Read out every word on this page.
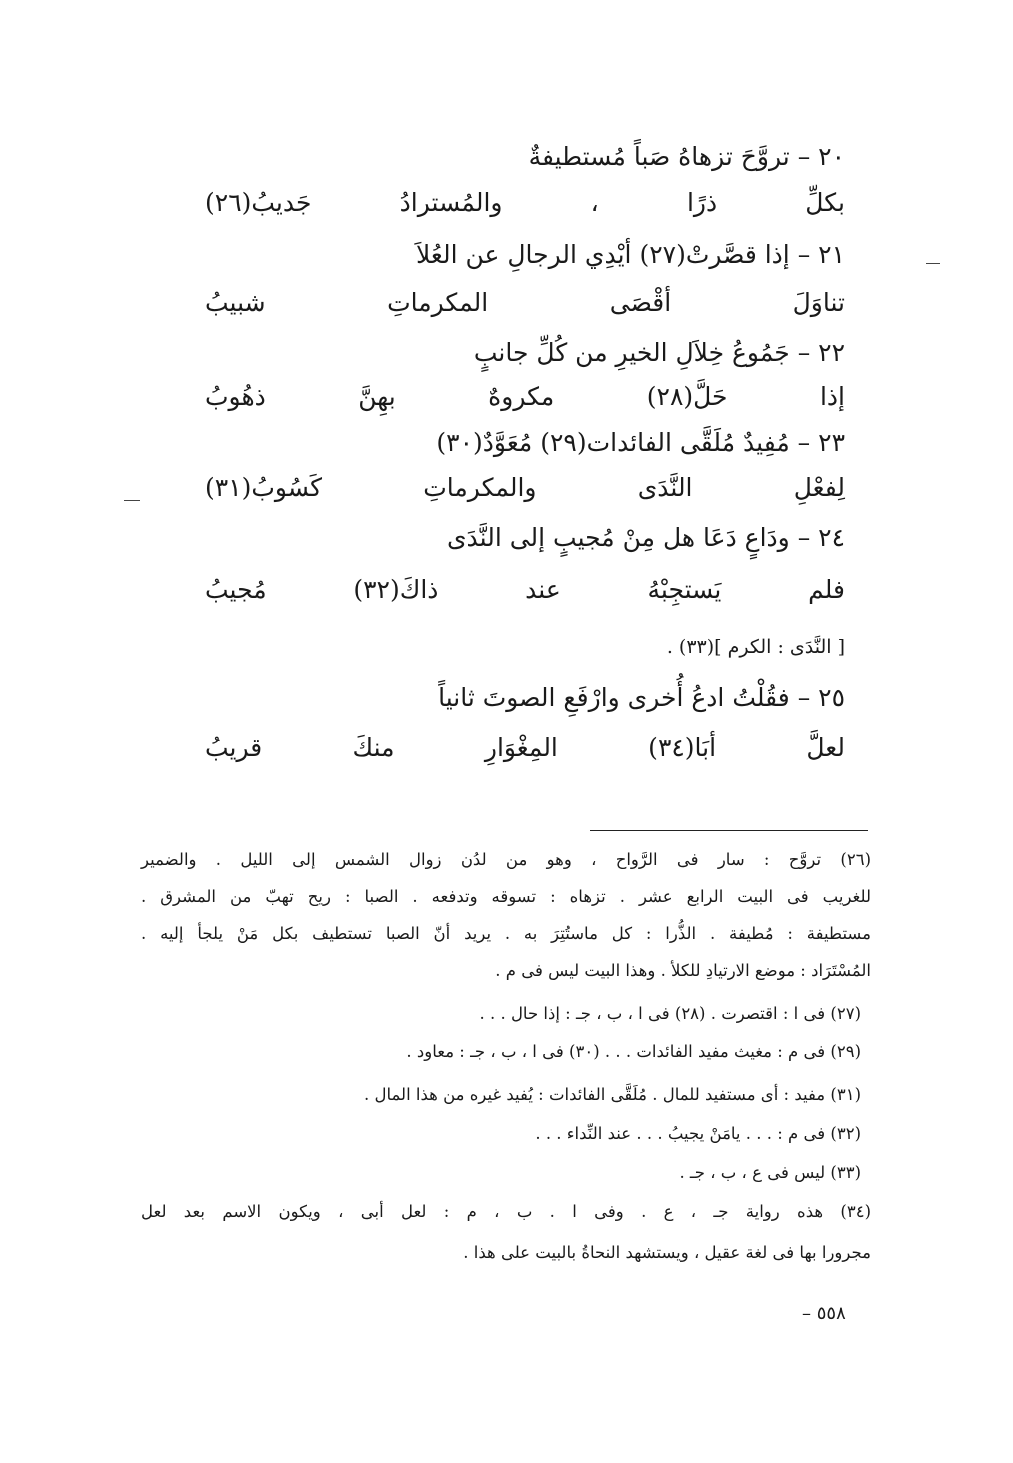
٢٠ – تروَّحَ تزهاهُ صَباً مُستطيفةٌ
بكلِّ ذرًا ، والمُسترادُ جَديبُ(٢٦)
٢١ – إذا قصَّرتْ(٢٧) أيْدِي الرجالِ عن العُلاَ
تناوَلَ أقْصَى المكرماتِ شبيبُ
٢٢ – جَمُوعُ خِلاَلِ الخيرِ من كُلِّ جانبٍ
إذا حَلَّ(٢٨) مكروهٌ بهِنَّ ذهُوبُ
٢٣ – مُفِيدٌ مُلَقَّى الفائدات(٢٩) مُعَوَّدٌ(٣٠)
لِفعْلِ النَّدَى والمكرماتِ كَسُوبُ(٣١)
٢٤ – ودَاعٍ دَعَا هل مِنْ مُجيبٍ إلى النَّدَى
فلم يَستجِبْهُ عند ذاكَ(٣٢) مُجيبُ
[ النَّدَى : الكرم ](٣٣) .
٢٥ – فقُلْتُ ادعُ أُخرى وارْفَعِ الصوتَ ثانياً
لعلَّ أبَا(٣٤) المِغْوَارِ منكَ قريبُ
(٢٦) تروَّح : سار فى الرَّواح ، وهو من لدُن زوال الشمس إلى الليل . والضمير
للغريب فى البيت الرابع عشر . تزهاه : تسوقه وتدفعه . الصبا : ريح تهبّ من المشرق .
مستطيفة : مُطيفة . الذُّرا : كل ماستُتِرَ به . يريد أنّ الصبا تستطيف بكل مَنْ يلجأ إليه .
المُسْتَرَاد : موضع الارتيادِ للكلأ . وهذا البيت ليس فى م .
(٢٧) فى ا : اقتصرت . (٢٨) فى ا ، ب ، جـ : إذا حال . . .
(٢٩) فى م : مغيث مفيد الفائدات . . . (٣٠) فى ا ، ب ، جـ : معاود .
(٣١) مفيد : أى مستفيد للمال . مُلَقَّى الفائدات : يُفيد غيره من هذا المال .
(٣٢) فى م : . . . يامَنْ يجيبُ . . . عند النِّداء . . .
(٣٣) ليس فى ع ، ب ، جـ .
(٣٤) هذه رواية جـ ، ع . وفى ا . ب ، م : لعل أبى ، ويكون الاسم بعد لعل
مجرورا بها فى لغة عقيل ، ويستشهد النحاةُ بالبيت على هذا .
٥٥٨ –
